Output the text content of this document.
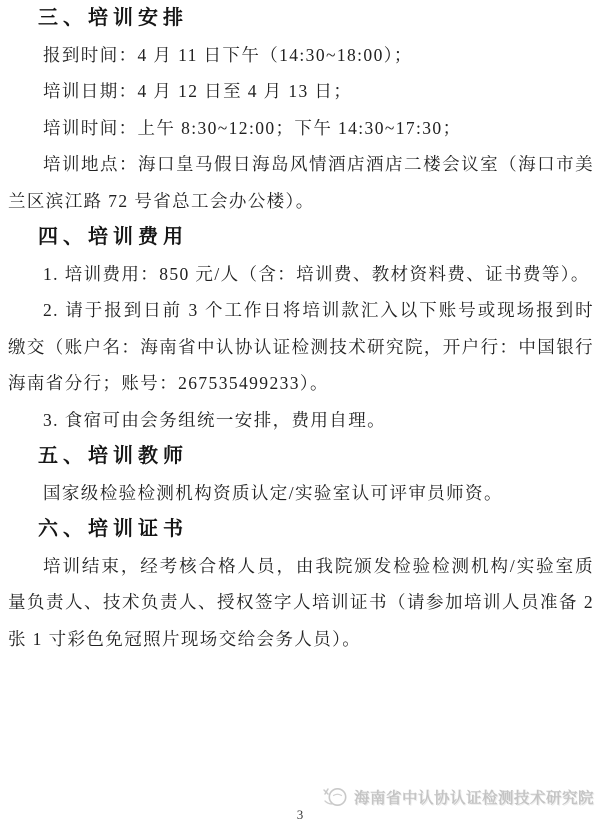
三、培训安排

报到时间：4 月 11 日下午（14:30~18:00）；

培训日期：4 月 12 日至 4 月 13 日；

培训时间：上午 8:30~12:00；下午 14:30~17:30；

培训地点：海口皇马假日海岛风情酒店酒店二楼会议室（海口市美兰区滨江路 72 号省总工会办公楼）。

四、培训费用

1. 培训费用：850 元/人（含：培训费、教材资料费、证书费等）。

2. 请于报到日前 3 个工作日将培训款汇入以下账号或现场报到时缴交（账户名：海南省中认协认证检测技术研究院，开户行：中国银行海南省分行；账号：267535499233）。

3. 食宿可由会务组统一安排，费用自理。

五、培训教师

国家级检验检测机构资质认定/实验室认可评审员师资。

六、培训证书

培训结束，经考核合格人员，由我院颁发检验检测机构/实验室质量负责人、技术负责人、授权签字人培训证书（请参加培训人员准备 2 张 1 寸彩色免冠照片现场交给会务人员）。

海南省中认协认证检测技术研究院
3
